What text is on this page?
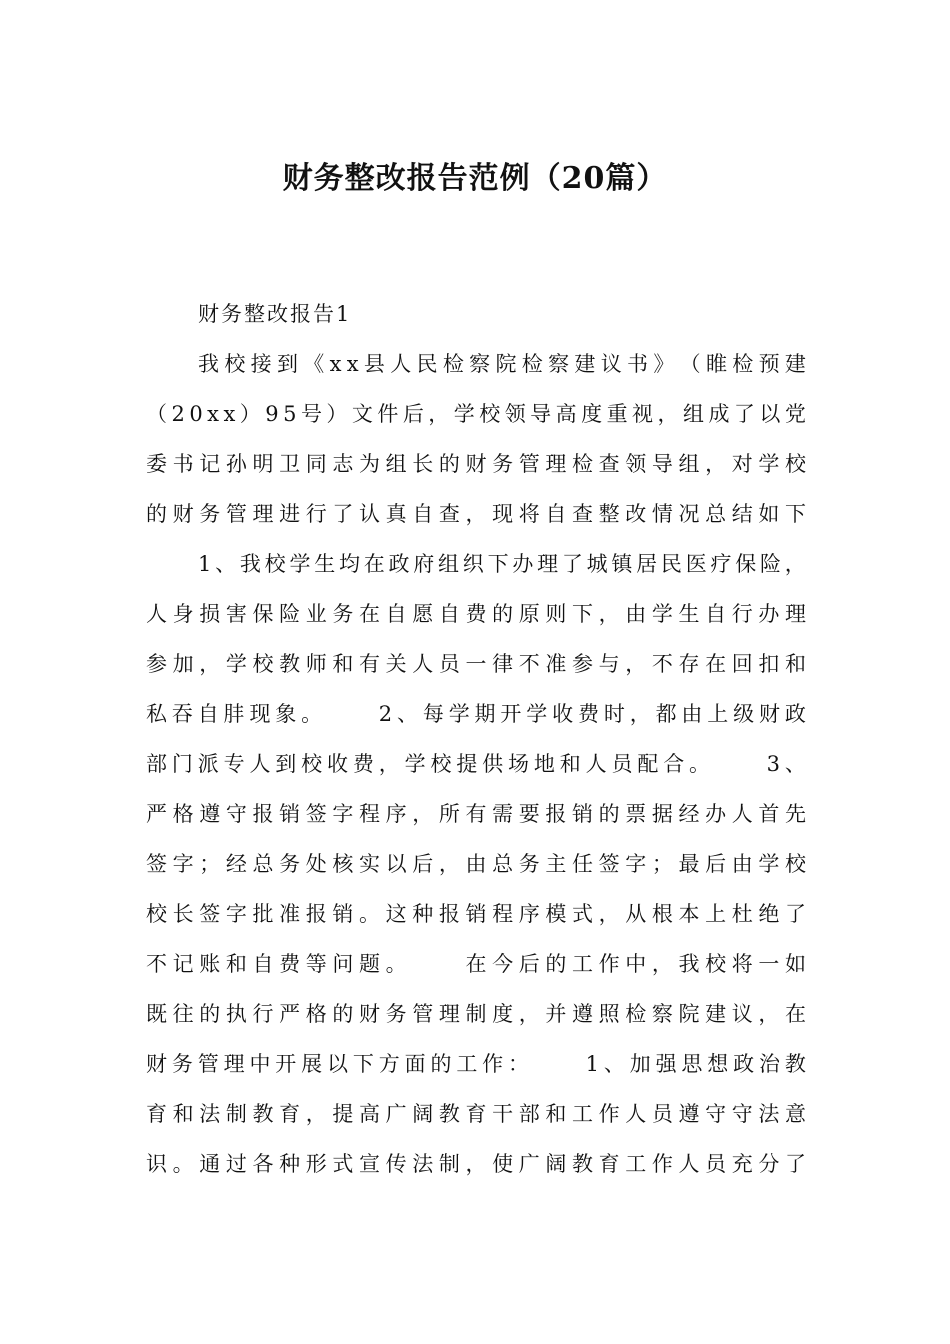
财务整改报告范例（20篇）
财务整改报告1
我 校 接 到 《 x x 县 人 民 检 察 院 检 察 建 议 书 》 （ 睢 检 预 建
（ 2 0 x x ） 9 5 号 ） 文 件 后 ， 学 校 领 导 高 度 重 视 ， 组 成 了 以 党
委 书 记 孙 明 卫 同 志 为 组 长 的 财 务 管 理 检 查 领 导 组 ， 对 学 校
的 财 务 管 理 进 行 了 认 真 自 查 ， 现 将 自 查 整 改 情 况 总 结 如 下
1 、 我 校 学 生 均 在 政 府 组 织 下 办 理 了 城 镇 居 民 医 疗 保 险 ，
人 身 损 害 保 险 业 务 在 自 愿 自 费 的 原 则 下 ， 由 学 生 自 行 办 理
参 加 ， 学 校 教 师 和 有 关 人 员 一 律 不 准 参 与 ， 不 存 在 回 扣 和
私 吞 自 肨 现 象 。

　	2 、 每 学 期 开 学 收 费 时 ， 都 由 上 级 财 政
部 门 派 专 人 到 校 收 费 ， 学 校 提 供 场 地 和 人 员 配 合 。

　	3 、
严 格 遵 守 报 销 签 字 程 序 ， 所 有 需 要 报 销 的 票 据 经 办 人 首 先
签 字 ； 经 总 务 处 核 实 以 后 ， 由 总 务 主 任 签 字 ； 最 后 由 学 校
校 长 签 字 批 准 报 销 。 这 种 报 销 程 序 模 式 ， 从 根 本 上 杜 绝 了
不 记 账 和 自 费 等 问 题 。

　	在 今 后 的 工 作 中 ， 我 校 将 一 如
既 往 的 执 行 严 格 的 财 务 管 理 制 度 ， 并 遵 照 检 察 院 建 议 ， 在
财 务 管 理 中 开 展 以 下 方 面 的 工 作 ：

　	1 、 加 强 思 想 政 治 教
育 和 法 制 教 育 ， 提 高 广 阔 教 育 干 部 和 工 作 人 员 遵 守 守 法 意
识 。 通 过 各 种 形 式 宣 传 法 制 ， 使 广 阔 教 育 工 作 人 员 充 分 了
